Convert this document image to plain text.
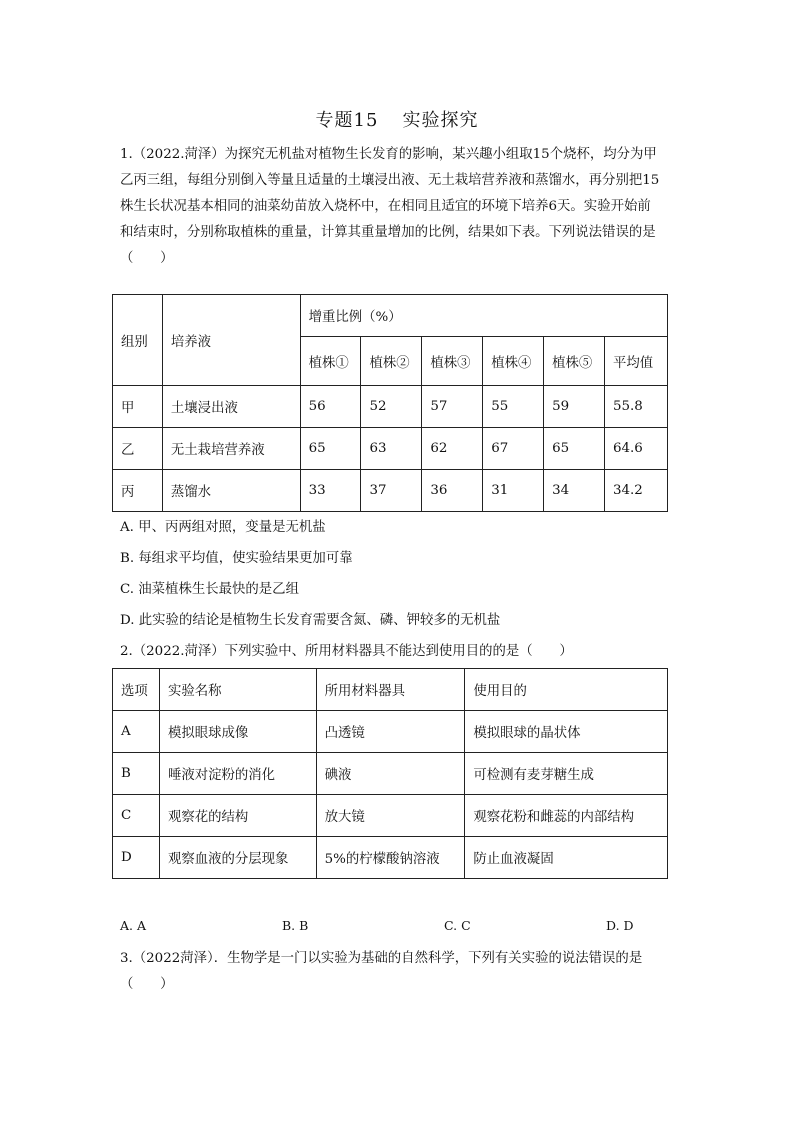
专题15 实验探究
1.（2022.菏泽）为探究无机盐对植物生长发育的影响，某兴趣小组取15个烧杯，均分为甲
乙丙三组，每组分别倒入等量且适量的土壤浸出液、无土栽培营养液和蒸馏水，再分别把15
株生长状况基本相同的油菜幼苗放入烧杯中，在相同且适宜的环境下培养6天。实验开始前
和结束时，分别称取植株的重量，计算其重量增加的比例，结果如下表。下列说法错误的是
（　　）
组别	培养液	增重比例（%）					
		植株①	植株②	植株③	植株④	植株⑤	平均值
甲	土壤浸出液	56	52	57	55	59	55.8
乙	无土栽培营养液	65	63	62	67	65	64.6
丙	蒸馏水	33	37	36	31	34	34.2
A. 甲、丙两组对照，变量是无机盐
B. 每组求平均值，使实验结果更加可靠
C. 油菜植株生长最快的是乙组
D. 此实验的结论是植物生长发育需要含氮、磷、钾较多的无机盐
2.（2022.菏泽）下列实验中、所用材料器具不能达到使用目的的是（　　）
选项	实验名称	所用材料器具	使用目的
A	模拟眼球成像	凸透镜	模拟眼球的晶状体
B	唾液对淀粉的消化	碘液	可检测有麦芽糖生成
C	观察花的结构	放大镜	观察花粉和雌蕊的内部结构
D	观察血液的分层现象	5%的柠檬酸钠溶液	防止血液凝固
A. A	B. B	C. C	D. D
3.（2022菏泽）．生物学是一门以实验为基础的自然科学，下列有关实验的说法错误的是
（　　）
